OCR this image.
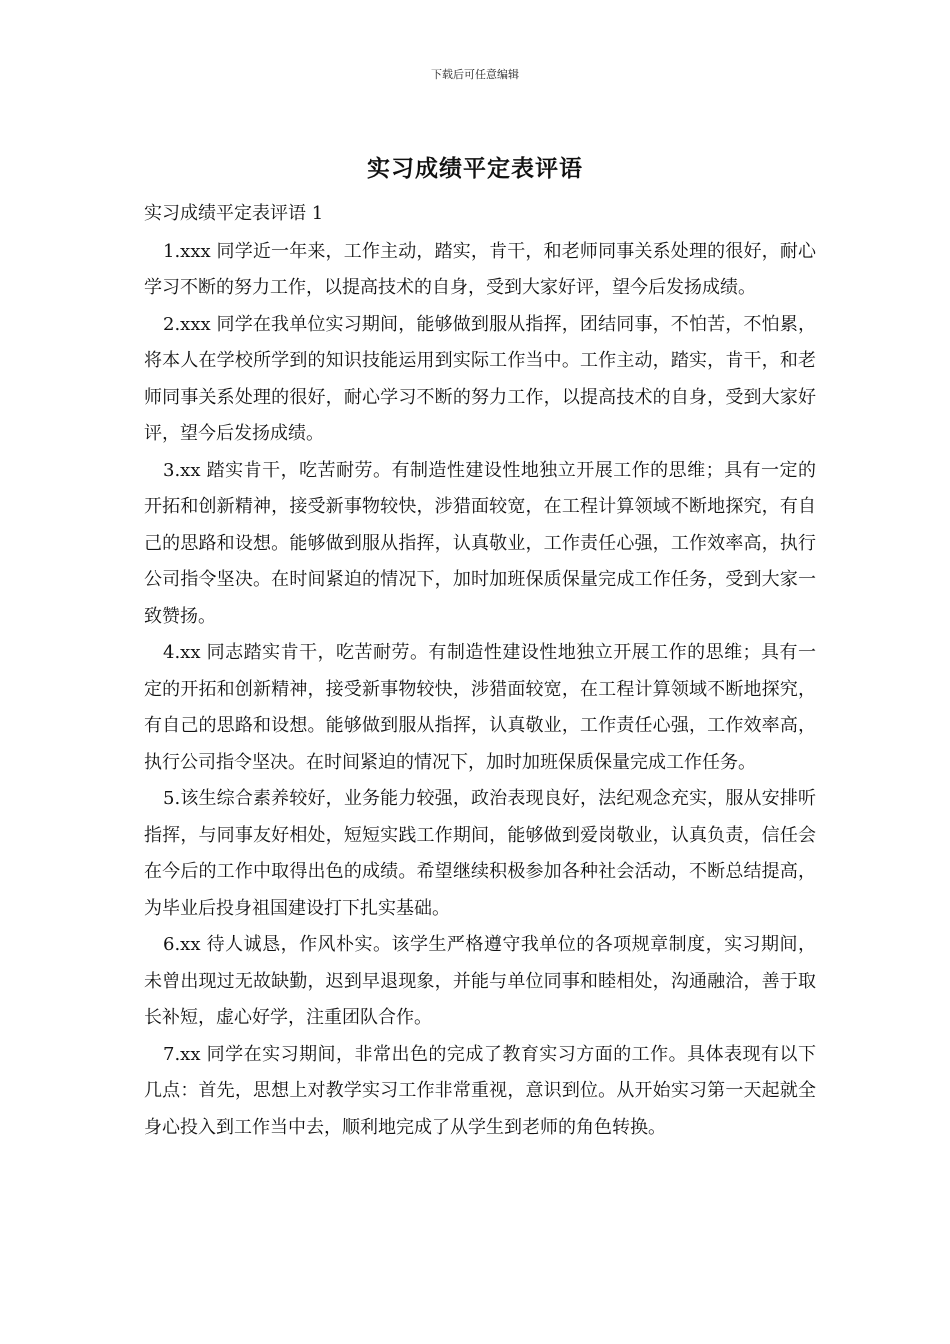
下载后可任意编辑
实习成绩平定表评语

实习成绩平定表评语 1

1.xxx 同学近一年来，工作主动，踏实，肯干，和老师同事关系处理的很好，耐心学习不断的努力工作，以提高技术的自身，受到大家好评，望今后发扬成绩。

2.xxx 同学在我单位实习期间，能够做到服从指挥，团结同事，不怕苦，不怕累，将本人在学校所学到的知识技能运用到实际工作当中。工作主动，踏实，肯干，和老师同事关系处理的很好，耐心学习不断的努力工作，以提高技术的自身，受到大家好评，望今后发扬成绩。

3.xx 踏实肯干，吃苦耐劳。有制造性建设性地独立开展工作的思维；具有一定的开拓和创新精神，接受新事物较快，涉猎面较宽，在工程计算领域不断地探究，有自己的思路和设想。能够做到服从指挥，认真敬业，工作责任心强，工作效率高，执行公司指令坚决。在时间紧迫的情况下，加时加班保质保量完成工作任务，受到大家一致赞扬。

4.xx 同志踏实肯干，吃苦耐劳。有制造性建设性地独立开展工作的思维；具有一定的开拓和创新精神，接受新事物较快，涉猎面较宽，在工程计算领域不断地探究，有自己的思路和设想。能够做到服从指挥，认真敬业，工作责任心强，工作效率高，执行公司指令坚决。在时间紧迫的情况下，加时加班保质保量完成工作任务。

5.该生综合素养较好，业务能力较强，政治表现良好，法纪观念充实，服从安排听指挥，与同事友好相处，短短实践工作期间，能够做到爱岗敬业，认真负责，信任会在今后的工作中取得出色的成绩。希望继续积极参加各种社会活动，不断总结提高，为毕业后投身祖国建设打下扎实基础。

6.xx 待人诚恳，作风朴实。该学生严格遵守我单位的各项规章制度，实习期间，未曾出现过无故缺勤，迟到早退现象，并能与单位同事和睦相处，沟通融洽，善于取长补短，虚心好学，注重团队合作。

7.xx 同学在实习期间，非常出色的完成了教育实习方面的工作。具体表现有以下几点：首先，思想上对教学实习工作非常重视，意识到位。从开始实习第一天起就全身心投入到工作当中去，顺利地完成了从学生到老师的角色转换。
